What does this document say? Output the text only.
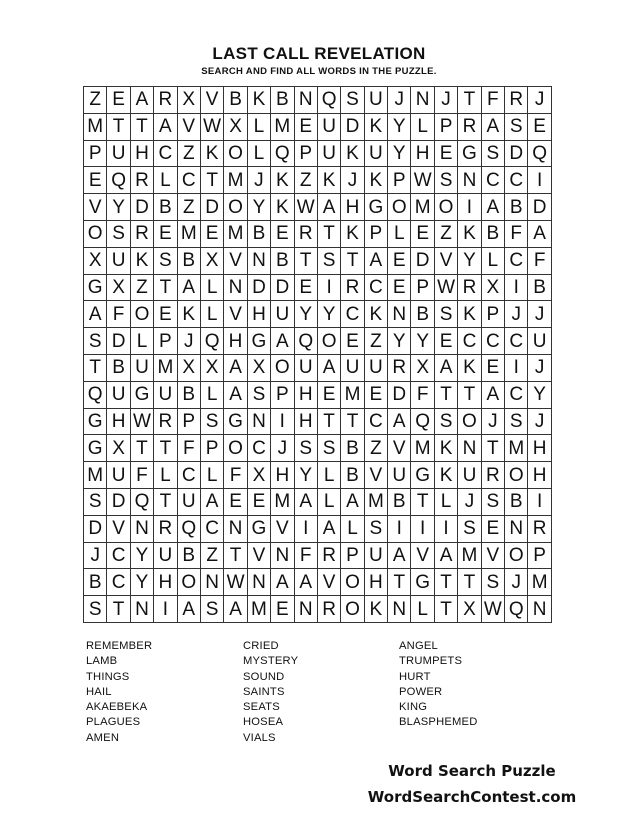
LAST CALL REVELATION
SEARCH AND FIND ALL WORDS IN THE PUZZLE.
Z E A R X V B K B N Q S U J N J T F R J
M T T A V W X L M E U D K Y L P R A S E
P U H C Z K O L Q P U K U Y H E G S D Q
E Q R L C T M J K Z K J K P W S N C C I
V Y D B Z D O Y K W A H G O M O I A B D
O S R E M E M B E R T K P L E Z K B F A
X U K S B X V N B T S T A E D V Y L C F
G X Z T A L N D D E I R C E P W R X I B
A F O E K L V H U Y Y C K N B S K P J J
S D L P J Q H G A Q O E Z Y Y E C C C U
T B U M X X A X O U A U U R X A K E I J
Q U G U B L A S P H E M E D F T T A C Y
G H W R P S G N I H T T C A Q S O J S J
G X T T F P O C J S S B Z V M K N T M H
M U F L C L F X H Y L B V U G K U R O H
S D Q T U A E E M A L A M B T L J S B I
D V N R Q C N G V I A L S I I I S E N R
J C Y U B Z T V N F R P U A V A M V O P
B C Y H O N W N A A V O H T G T T S J M
S T N I A S A M E N R O K N L T X W Q N
REMEMBER
LAMB
THINGS
HAIL
AKAEBEKA
PLAGUES
AMEN
CRIED
MYSTERY
SOUND
SAINTS
SEATS
HOSEA
VIALS
ANGEL
TRUMPETS
HURT
POWER
KING
BLASPHEMED
Word Search Puzzle
WordSearchContest.com
